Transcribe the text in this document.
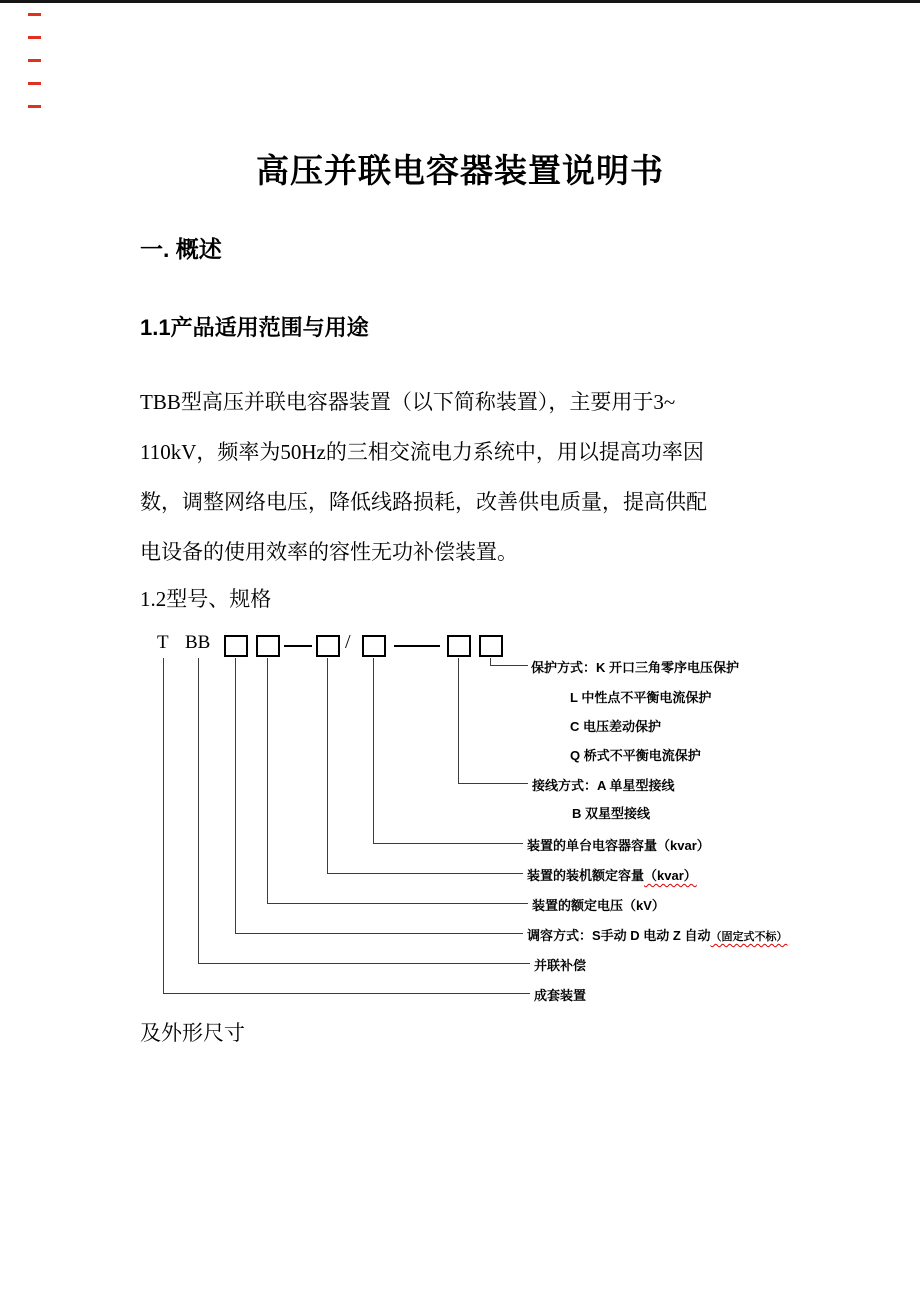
高压并联电容器装置说明书
一. 概述
1.1产品适用范围与用途
TBB型高压并联电容器装置（以下简称装置），主要用于3~
110kV，频率为50Hz的三相交流电力系统中，用以提高功率因
数，调整网络电压，降低线路损耗，改善供电质量，提高供配
电设备的使用效率的容性无功补偿装置。
1.2型号、规格
T BB	/
保护方式：K 开口三角零序电压保护
L 中性点不平衡电流保护
C 电压差动保护
Q 桥式不平衡电流保护
接线方式：A 单星型接线
B 双星型接线
装置的单台电容器容量（kvar）
装置的装机额定容量（kvar）
装置的额定电压（kV）
调容方式：S手动 D 电动 Z 自动（固定式不标）
并联补偿
成套装置
及外形尺寸
